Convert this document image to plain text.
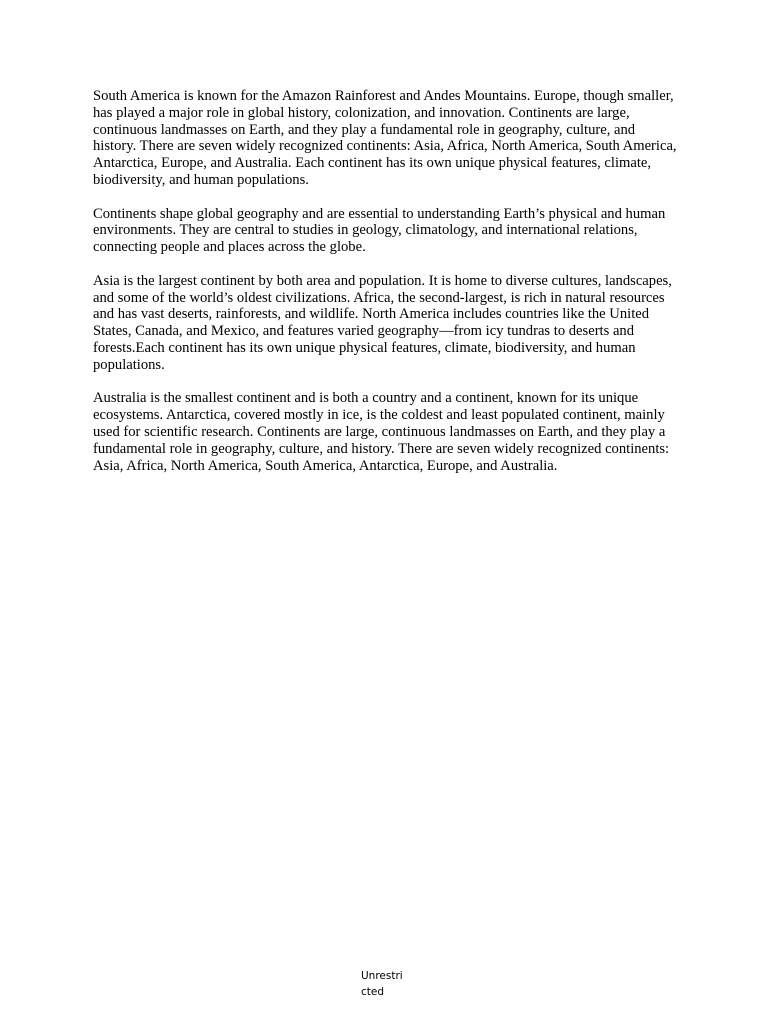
South America is known for the Amazon Rainforest and Andes Mountains. Europe, though smaller, has played a major role in global history, colonization, and innovation. Continents are large, continuous landmasses on Earth, and they play a fundamental role in geography, culture, and history. There are seven widely recognized continents: Asia, Africa, North America, South America, Antarctica, Europe, and Australia. Each continent has its own unique physical features, climate, biodiversity, and human populations.

Continents shape global geography and are essential to understanding Earth’s physical and human environments. They are central to studies in geology, climatology, and international relations, connecting people and places across the globe.

Asia is the largest continent by both area and population. It is home to diverse cultures, landscapes, and some of the world’s oldest civilizations. Africa, the second-largest, is rich in natural resources and has vast deserts, rainforests, and wildlife. North America includes countries like the United States, Canada, and Mexico, and features varied geography—from icy tundras to deserts and forests.Each continent has its own unique physical features, climate, biodiversity, and human populations.

Australia is the smallest continent and is both a country and a continent, known for its unique ecosystems. Antarctica, covered mostly in ice, is the coldest and least populated continent, mainly used for scientific research. Continents are large, continuous landmasses on Earth, and they play a fundamental role in geography, culture, and history. There are seven widely recognized continents: Asia, Africa, North America, South America, Antarctica, Europe, and Australia.

Unrestri
cted
